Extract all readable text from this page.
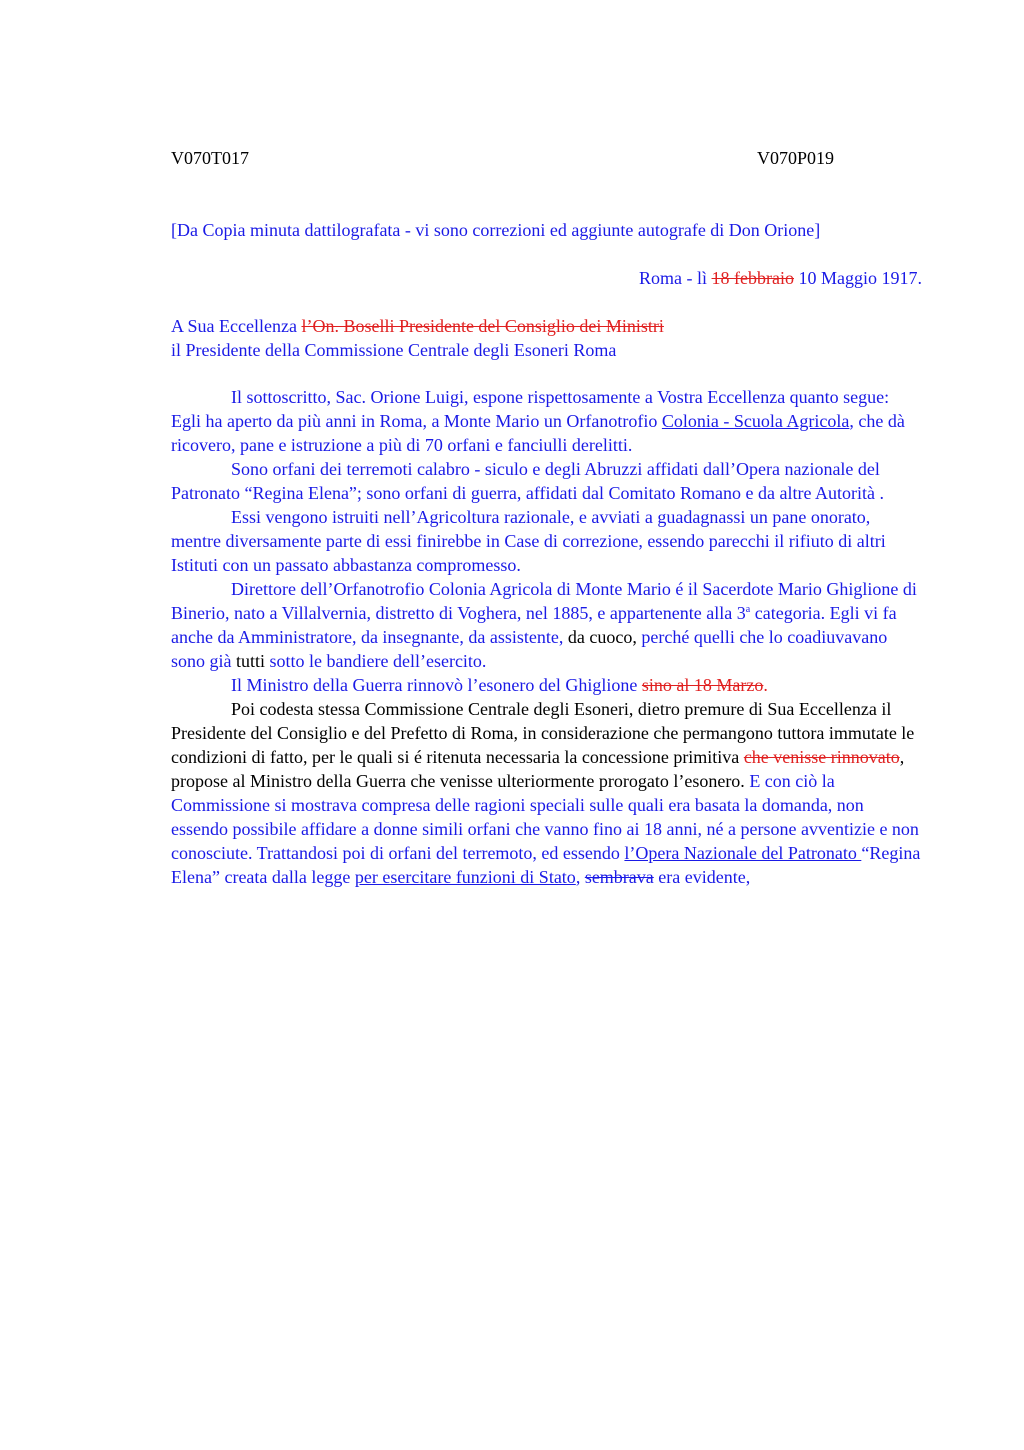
V070T017	V070P019
[Da Copia minuta dattilografata - vi sono correzioni ed aggiunte autografe di Don Orione]
Roma - lì 18 febbraio 10 Maggio 1917.
A Sua Eccellenza l’On. Boselli Presidente del Consiglio dei Ministri
il Presidente della Commissione Centrale degli Esoneri Roma

Il sottoscritto, Sac. Orione Luigi, espone rispettosamente a Vostra Eccellenza quanto segue: Egli ha aperto da più anni in Roma, a Monte Mario un Orfanotrofio Colonia - Scuola Agricola, che dà ricovero, pane e istruzione a più di 70 orfani e fanciulli derelitti.

Sono orfani dei terremoti calabro - siculo e degli Abruzzi affidati dall’Opera nazionale del Patronato “Regina Elena”; sono orfani di guerra, affidati dal Comitato Romano e da altre Autorità .

Essi vengono istruiti nell’Agricoltura razionale, e avviati a guadagnassi un pane onorato, mentre diversamente parte di essi finirebbe in Case di correzione, essendo parecchi il rifiuto di altri Istituti con un passato abbastanza compromesso.

Direttore dell’Orfanotrofio Colonia Agricola di Monte Mario é il Sacerdote Mario Ghiglione di Binerio, nato a Villalvernia, distretto di Voghera, nel 1885, e appartenente alla 3$^a$ categoria. Egli vi fa anche da Amministratore, da insegnante, da assistente, da cuoco, perché quelli che lo coadiuvavano sono già tutti sotto le bandiere dell’esercito.

Il Ministro della Guerra rinnovò l’esonero del Ghiglione sino al 18 Marzo.

Poi codesta stessa Commissione Centrale degli Esoneri, dietro premure di Sua Eccellenza il Presidente del Consiglio e del Prefetto di Roma, in considerazione che permangono tuttora immutate le condizioni di fatto, per le quali si é ritenuta necessaria la concessione primitiva che venisse rinnovato, propose al Ministro della Guerra che venisse ulteriormente prorogato l’esonero. E con ciò la Commissione si mostrava compresa delle ragioni speciali sulle quali era basata la domanda, non essendo possibile affidare a donne simili orfani che vanno fino ai 18 anni, né a persone avventizie e non conosciute. Trattandosi poi di orfani del terremoto, ed essendo l’Opera Nazionale del Patronato “Regina Elena” creata dalla legge per esercitare funzioni di Stato, sembrava era evidente,
